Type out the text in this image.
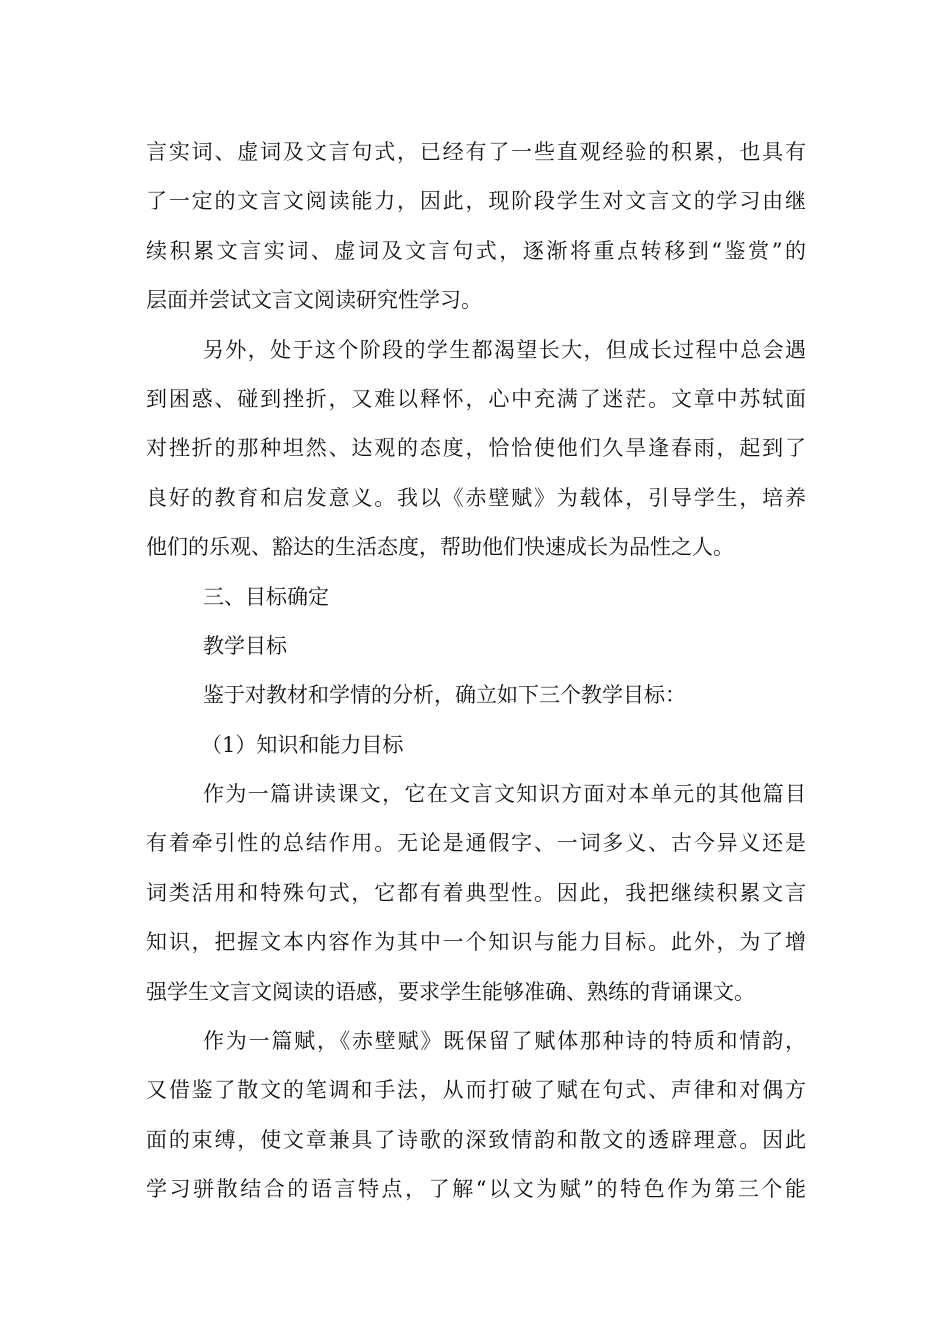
言实词、虚词及文言句式，已经有了一些直观经验的积累，也具有
了一定的文言文阅读能力，因此，现阶段学生对文言文的学习由继
续积累文言实词、虚词及文言句式，逐渐将重点转移到“鉴赏”的
层面并尝试文言文阅读研究性学习。
另外，处于这个阶段的学生都渴望长大，但成长过程中总会遇
到困惑、碰到挫折，又难以释怀，心中充满了迷茫。文章中苏轼面
对挫折的那种坦然、达观的态度，恰恰使他们久旱逢春雨，起到了
良好的教育和启发意义。我以《赤壁赋》为载体，引导学生，培养
他们的乐观、豁达的生活态度，帮助他们快速成长为品性之人。
三、目标确定
教学目标
鉴于对教材和学情的分析，确立如下三个教学目标：
（1）知识和能力目标
作为一篇讲读课文，它在文言文知识方面对本单元的其他篇目
有着牵引性的总结作用。无论是通假字、一词多义、古今异义还是
词类活用和特殊句式，它都有着典型性。因此，我把继续积累文言
知识，把握文本内容作为其中一个知识与能力目标。此外，为了增
强学生文言文阅读的语感，要求学生能够准确、熟练的背诵课文。
作为一篇赋，《赤壁赋》既保留了赋体那种诗的特质和情韵，
又借鉴了散文的笔调和手法，从而打破了赋在句式、声律和对偶方
面的束缚，使文章兼具了诗歌的深致情韵和散文的透辟理意。因此
学习骈散结合的语言特点，了解“以文为赋”的特色作为第三个能
